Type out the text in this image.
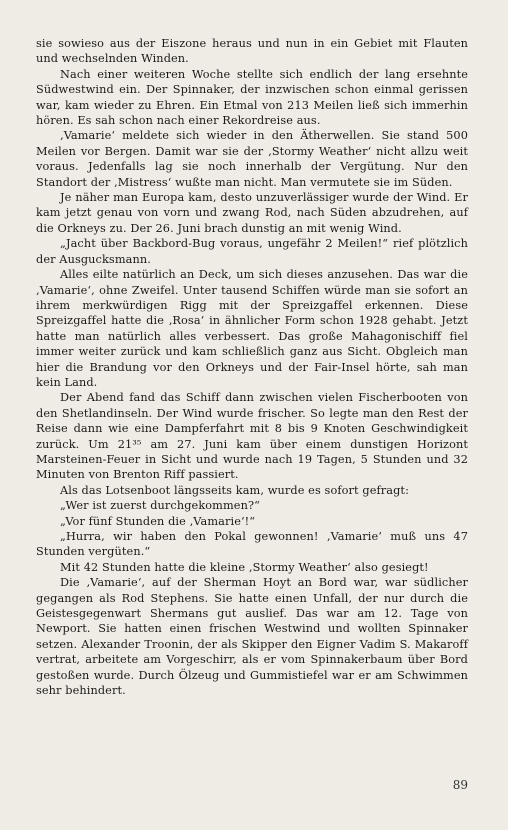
sie sowieso aus der Eiszone heraus und nun in ein Gebiet mit Flauten und wechselnden Winden.

Nach einer weiteren Woche stellte sich endlich der lang ersehnte Südwestwind ein. Der Spinnaker, der inzwischen schon einmal gerissen war, kam wieder zu Ehren. Ein Etmal von 213 Meilen ließ sich immerhin hören. Es sah schon nach einer Rekordreise aus.

‚Vamarie‘ meldete sich wieder in den Ätherwellen. Sie stand 500 Meilen vor Bergen. Damit war sie der ‚Stormy Weather‘ nicht allzu weit voraus. Jedenfalls lag sie noch innerhalb der Vergütung. Nur den Standort der ‚Mistress‘ wußte man nicht. Man vermutete sie im Süden.

Je näher man Europa kam, desto unzuverlässiger wurde der Wind. Er kam jetzt genau von vorn und zwang Rod, nach Süden abzudrehen, auf die Orkneys zu. Der 26. Juni brach dunstig an mit wenig Wind.

„Jacht über Backbord-Bug voraus, ungefähr 2 Meilen!“ rief plötzlich der Ausgucksmann.

Alles eilte natürlich an Deck, um sich dieses anzusehen. Das war die ‚Vamarie‘, ohne Zweifel. Unter tausend Schiffen würde man sie sofort an ihrem merkwürdigen Rigg mit der Spreizgaffel erkennen. Diese Spreizgaffel hatte die ‚Rosa‘ in ähnlicher Form schon 1928 gehabt. Jetzt hatte man natürlich alles verbessert. Das große Mahagonischiff fiel immer weiter zurück und kam schließlich ganz aus Sicht. Obgleich man hier die Brandung vor den Orkneys und der Fair-Insel hörte, sah man kein Land.

Der Abend fand das Schiff dann zwischen vielen Fischerbooten von den Shetlandinseln. Der Wind wurde frischer. So legte man den Rest der Reise dann wie eine Dampferfahrt mit 8 bis 9 Knoten Geschwindigkeit zurück. Um 21³⁵ am 27. Juni kam über einem dunstigen Horizont Marsteinen-Feuer in Sicht und wurde nach 19 Tagen, 5 Stunden und 32 Minuten von Brenton Riff passiert.

Als das Lotsenboot längsseits kam, wurde es sofort gefragt:

„Wer ist zuerst durchgekommen?“

„Vor fünf Stunden die ‚Vamarie‘!“

„Hurra, wir haben den Pokal gewonnen! ‚Vamarie‘ muß uns 47 Stunden vergüten.“

Mit 42 Stunden hatte die kleine ‚Stormy Weather‘ also gesiegt!

Die ‚Vamarie‘, auf der Sherman Hoyt an Bord war, war südlicher gegangen als Rod Stephens. Sie hatte einen Unfall, der nur durch die Geistesgegenwart Shermans gut auslief. Das war am 12. Tage von Newport. Sie hatten einen frischen Westwind und wollten Spinnaker setzen. Alexander Troonin, der als Skipper den Eigner Vadim S. Makaroff vertrat, arbeitete am Vorgeschirr, als er vom Spinnakerbaum über Bord gestoßen wurde. Durch Ölzeug und Gummistiefel war er am Schwimmen sehr behindert.

89
